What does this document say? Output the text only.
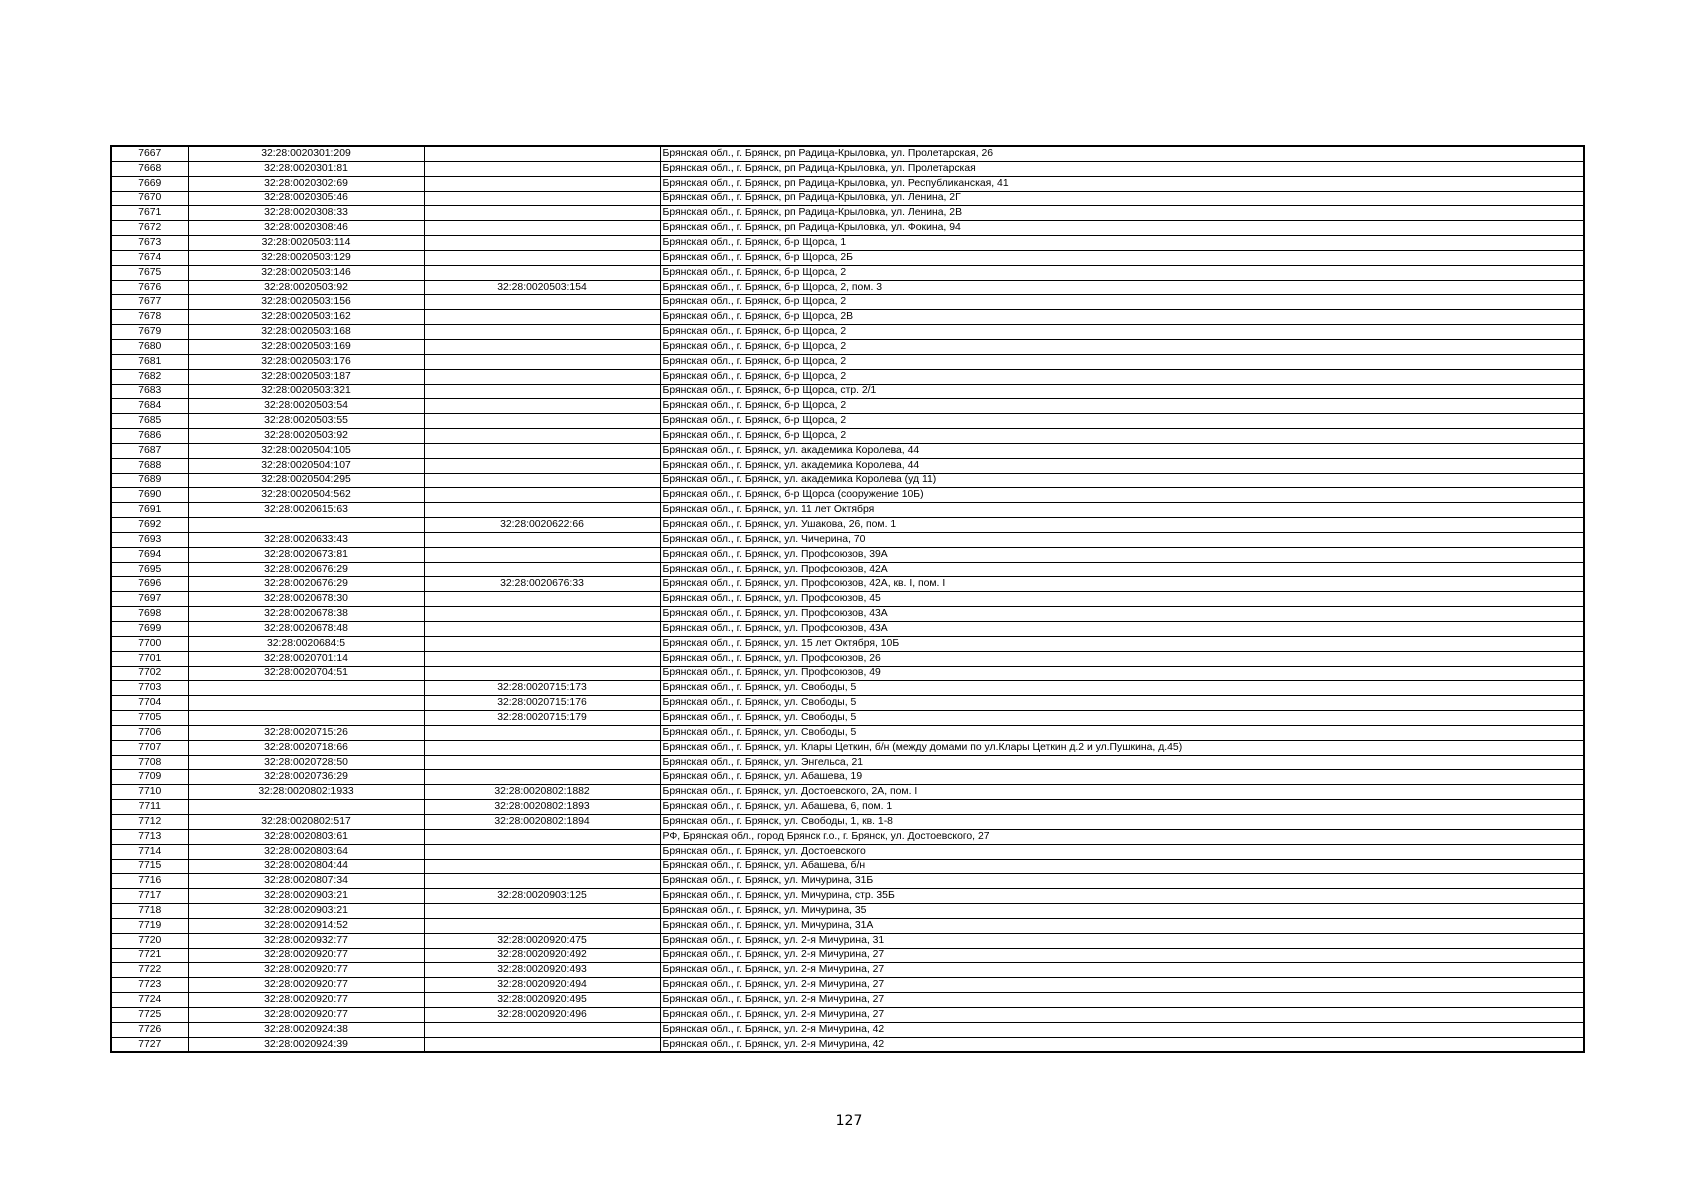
7667	32:28:0020301:209		Брянская обл., г. Брянск, рп Радица-Крыловка, ул. Пролетарская, 26
7668	32:28:0020301:81		Брянская обл., г. Брянск, рп Радица-Крыловка, ул. Пролетарская
7669	32:28:0020302:69		Брянская обл., г. Брянск, рп Радица-Крыловка, ул. Республиканская, 41
7670	32:28:0020305:46		Брянская обл., г. Брянск, рп Радица-Крыловка, ул. Ленина, 2Г
7671	32:28:0020308:33		Брянская обл., г. Брянск, рп Радица-Крыловка, ул. Ленина, 2В
7672	32:28:0020308:46		Брянская обл., г. Брянск, рп Радица-Крыловка, ул. Фокина, 94
7673	32:28:0020503:114		Брянская обл., г. Брянск, б-р Щорса, 1
7674	32:28:0020503:129		Брянская обл., г. Брянск, б-р Щорса, 2Б
7675	32:28:0020503:146		Брянская обл., г. Брянск, б-р Щорса, 2
7676	32:28:0020503:92	32:28:0020503:154	Брянская обл., г. Брянск, б-р Щорса, 2, пом. 3
7677	32:28:0020503:156		Брянская обл., г. Брянск, б-р Щорса, 2
7678	32:28:0020503:162		Брянская обл., г. Брянск, б-р Щорса, 2В
7679	32:28:0020503:168		Брянская обл., г. Брянск, б-р Щорса, 2
7680	32:28:0020503:169		Брянская обл., г. Брянск, б-р Щорса, 2
7681	32:28:0020503:176		Брянская обл., г. Брянск, б-р Щорса, 2
7682	32:28:0020503:187		Брянская обл., г. Брянск, б-р Щорса, 2
7683	32:28:0020503:321		Брянская обл., г. Брянск, б-р Щорса, стр. 2/1
7684	32:28:0020503:54		Брянская обл., г. Брянск, б-р Щорса, 2
7685	32:28:0020503:55		Брянская обл., г. Брянск, б-р Щорса, 2
7686	32:28:0020503:92		Брянская обл., г. Брянск, б-р Щорса, 2
7687	32:28:0020504:105		Брянская обл., г. Брянск, ул. академика Королева, 44
7688	32:28:0020504:107		Брянская обл., г. Брянск, ул. академика Королева, 44
7689	32:28:0020504:295		Брянская обл., г. Брянск, ул. академика Королева (уд 11)
7690	32:28:0020504:562		Брянская обл., г. Брянск, б-р Щорса (сооружение 10Б)
7691	32:28:0020615:63		Брянская обл., г. Брянск, ул. 11 лет Октября
7692		32:28:0020622:66	Брянская обл., г. Брянск, ул. Ушакова, 26, пом. 1
7693	32:28:0020633:43		Брянская обл., г. Брянск, ул. Чичерина, 70
7694	32:28:0020673:81		Брянская обл., г. Брянск, ул. Профсоюзов, 39А
7695	32:28:0020676:29		Брянская обл., г. Брянск, ул. Профсоюзов, 42А
7696	32:28:0020676:29	32:28:0020676:33	Брянская обл., г. Брянск, ул. Профсоюзов, 42А, кв. I, пом. I
7697	32:28:0020678:30		Брянская обл., г. Брянск, ул. Профсоюзов, 45
7698	32:28:0020678:38		Брянская обл., г. Брянск, ул. Профсоюзов, 43А
7699	32:28:0020678:48		Брянская обл., г. Брянск, ул. Профсоюзов, 43А
7700	32:28:0020684:5		Брянская обл., г. Брянск, ул. 15 лет Октября, 10Б
7701	32:28:0020701:14		Брянская обл., г. Брянск, ул. Профсоюзов, 26
7702	32:28:0020704:51		Брянская обл., г. Брянск, ул. Профсоюзов, 49
7703		32:28:0020715:173	Брянская обл., г. Брянск, ул. Свободы, 5
7704		32:28:0020715:176	Брянская обл., г. Брянск, ул. Свободы, 5
7705		32:28:0020715:179	Брянская обл., г. Брянск, ул. Свободы, 5
7706	32:28:0020715:26		Брянская обл., г. Брянск, ул. Свободы, 5
7707	32:28:0020718:66		Брянская обл., г. Брянск, ул. Клары Цеткин, б/н (между домами по ул.Клары Цеткин д.2 и ул.Пушкина, д.45)
7708	32:28:0020728:50		Брянская обл., г. Брянск, ул. Энгельса, 21
7709	32:28:0020736:29		Брянская обл., г. Брянск, ул. Абашева, 19
7710	32:28:0020802:1933	32:28:0020802:1882	Брянская обл., г. Брянск, ул. Достоевского, 2А, пом. I
7711		32:28:0020802:1893	Брянская обл., г. Брянск, ул. Абашева, 6, пом. 1
7712	32:28:0020802:517	32:28:0020802:1894	Брянская обл., г. Брянск, ул. Свободы, 1, кв. 1-8
7713	32:28:0020803:61		РФ, Брянская обл., город Брянск г.о., г. Брянск, ул. Достоевского, 27
7714	32:28:0020803:64		Брянская обл., г. Брянск, ул. Достоевского
7715	32:28:0020804:44		Брянская обл., г. Брянск, ул. Абашева, б/н
7716	32:28:0020807:34		Брянская обл., г. Брянск, ул. Мичурина, 31Б
7717	32:28:0020903:21	32:28:0020903:125	Брянская обл., г. Брянск, ул. Мичурина, стр. 35Б
7718	32:28:0020903:21		Брянская обл., г. Брянск, ул. Мичурина, 35
7719	32:28:0020914:52		Брянская обл., г. Брянск, ул. Мичурина, 31А
7720	32:28:0020932:77	32:28:0020920:475	Брянская обл., г. Брянск, ул. 2-я Мичурина, 31
7721	32:28:0020920:77	32:28:0020920:492	Брянская обл., г. Брянск, ул. 2-я Мичурина, 27
7722	32:28:0020920:77	32:28:0020920:493	Брянская обл., г. Брянск, ул. 2-я Мичурина, 27
7723	32:28:0020920:77	32:28:0020920:494	Брянская обл., г. Брянск, ул. 2-я Мичурина, 27
7724	32:28:0020920:77	32:28:0020920:495	Брянская обл., г. Брянск, ул. 2-я Мичурина, 27
7725	32:28:0020920:77	32:28:0020920:496	Брянская обл., г. Брянск, ул. 2-я Мичурина, 27
7726	32:28:0020924:38		Брянская обл., г. Брянск, ул. 2-я Мичурина, 42
7727	32:28:0020924:39		Брянская обл., г. Брянск, ул. 2-я Мичурина, 42
127
